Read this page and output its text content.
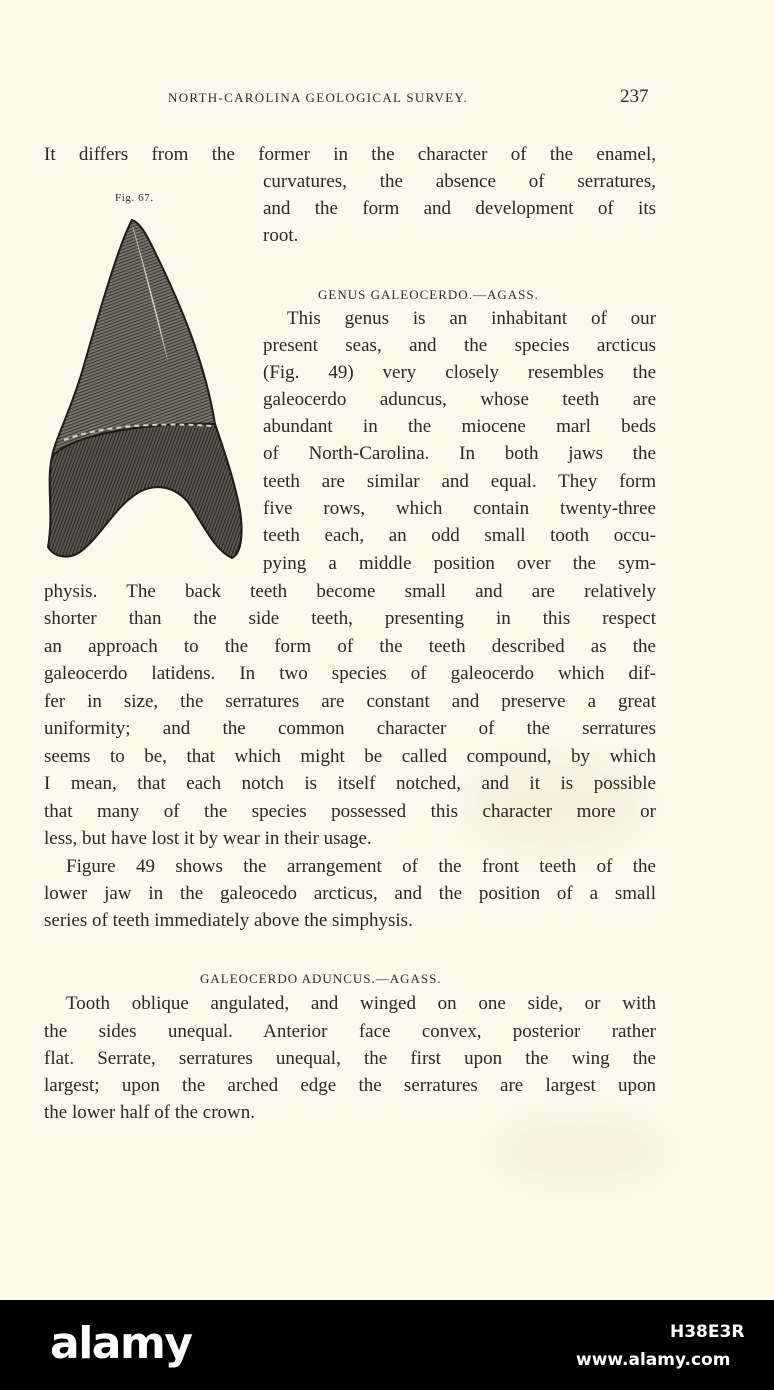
NORTH-CAROLINA GEOLOGICAL SURVEY.	237
Fig. 67.
It differs from the former in the character of the enamel,
curvatures, the absence of serratures,
and the form and development of its
root.
GENUS GALEOCERDO.—AGASS.
This genus is an inhabitant of our
present seas, and the species arcticus
(Fig. 49) very closely resembles the
galeocerdo aduncus, whose teeth are
abundant in the miocene marl beds
of North-Carolina. In both jaws the
teeth are similar and equal. They form
five rows, which contain twenty-three
teeth each, an odd small tooth occu-
pying a middle position over the sym-
physis. The back teeth become small and are relatively
shorter than the side teeth, presenting in this respect
an approach to the form of the teeth described as the
galeocerdo latidens. In two species of galeocerdo which dif-
fer in size, the serratures are constant and preserve a great
uniformity; and the common character of the serratures
seems to be, that which might be called compound, by which
I mean, that each notch is itself notched, and it is possible
that many of the species possessed this character more or
less, but have lost it by wear in their usage.
Figure 49 shows the arrangement of the front teeth of the
lower jaw in the galeocedo arcticus, and the position of a small
series of teeth immediately above the simphysis.
GALEOCERDO ADUNCUS.—AGASS.
Tooth oblique angulated, and winged on one side, or with
the sides unequal. Anterior face convex, posterior rather
flat. Serrate, serratures unequal, the first upon the wing the
largest; upon the arched edge the serratures are largest upon
the lower half of the crown.
alamy	H38E3R
www.alamy.com
